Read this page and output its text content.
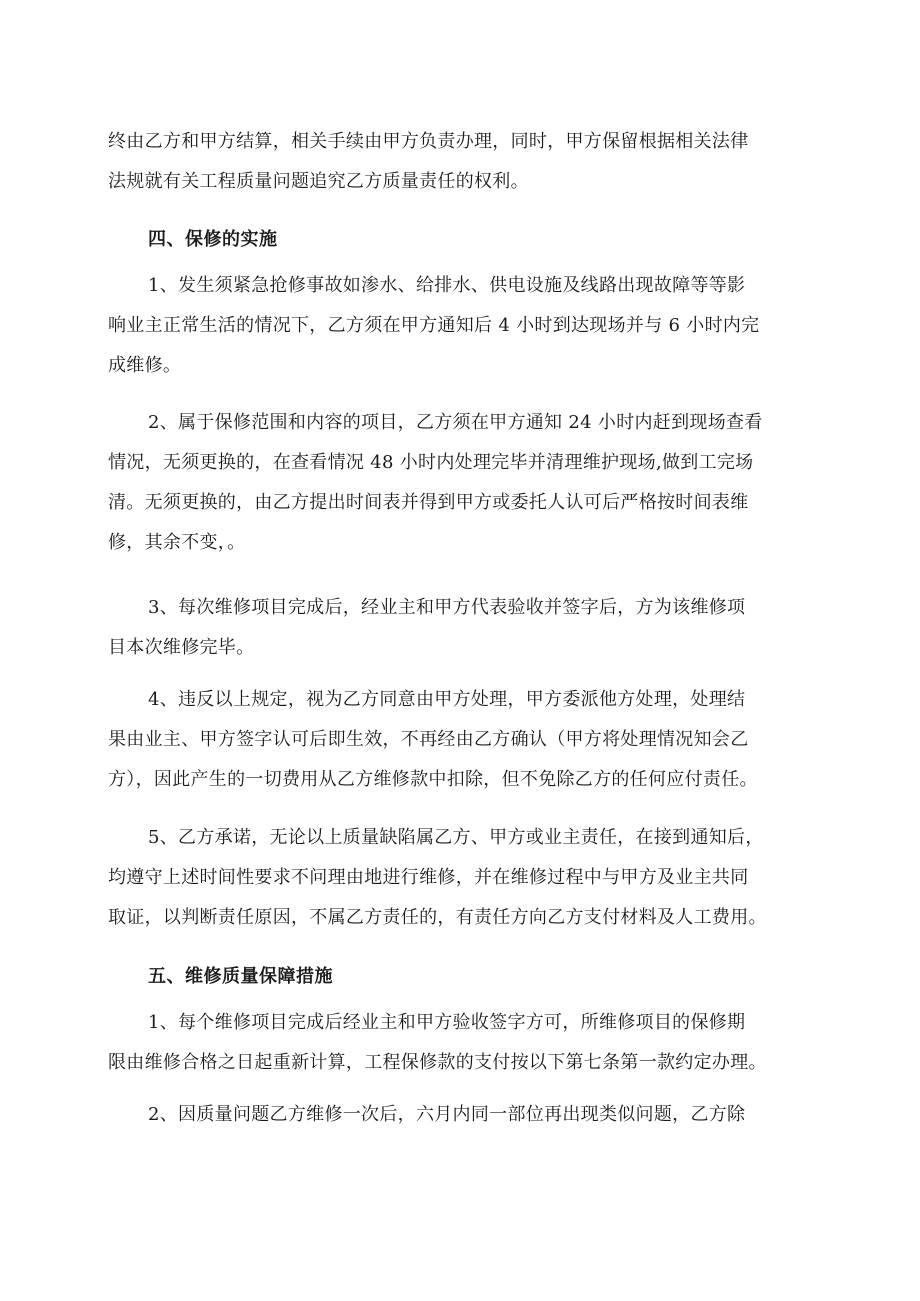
终由乙方和甲方结算，相关手续由甲方负责办理，同时，甲方保留根据相关法律
法规就有关工程质量问题追究乙方质量责任的权利。
四、保修的实施
1、发生须紧急抢修事故如渗水、给排水、供电设施及线路出现故障等等影
响业主正常生活的情况下，乙方须在甲方通知后 4 小时到达现场并与 6 小时内完
成维修。
2、属于保修范围和内容的项目，乙方须在甲方通知 24 小时内赶到现场查看
情况，无须更换的，在查看情况 48 小时内处理完毕并清理维护现场,做到工完场
清。无须更换的，由乙方提出时间表并得到甲方或委托人认可后严格按时间表维
修，其余不变，。
3、每次维修项目完成后，经业主和甲方代表验收并签字后，方为该维修项
目本次维修完毕。
4、违反以上规定，视为乙方同意由甲方处理，甲方委派他方处理，处理结
果由业主、甲方签字认可后即生效，不再经由乙方确认（甲方将处理情况知会乙
方），因此产生的一切费用从乙方维修款中扣除，但不免除乙方的任何应付责任。
5、乙方承诺，无论以上质量缺陷属乙方、甲方或业主责任，在接到通知后，
均遵守上述时间性要求不问理由地进行维修，并在维修过程中与甲方及业主共同
取证，以判断责任原因，不属乙方责任的，有责任方向乙方支付材料及人工费用。
五、维修质量保障措施
1、每个维修项目完成后经业主和甲方验收签字方可，所维修项目的保修期
限由维修合格之日起重新计算，工程保修款的支付按以下第七条第一款约定办理。
2、因质量问题乙方维修一次后，六月内同一部位再出现类似问题，乙方除
